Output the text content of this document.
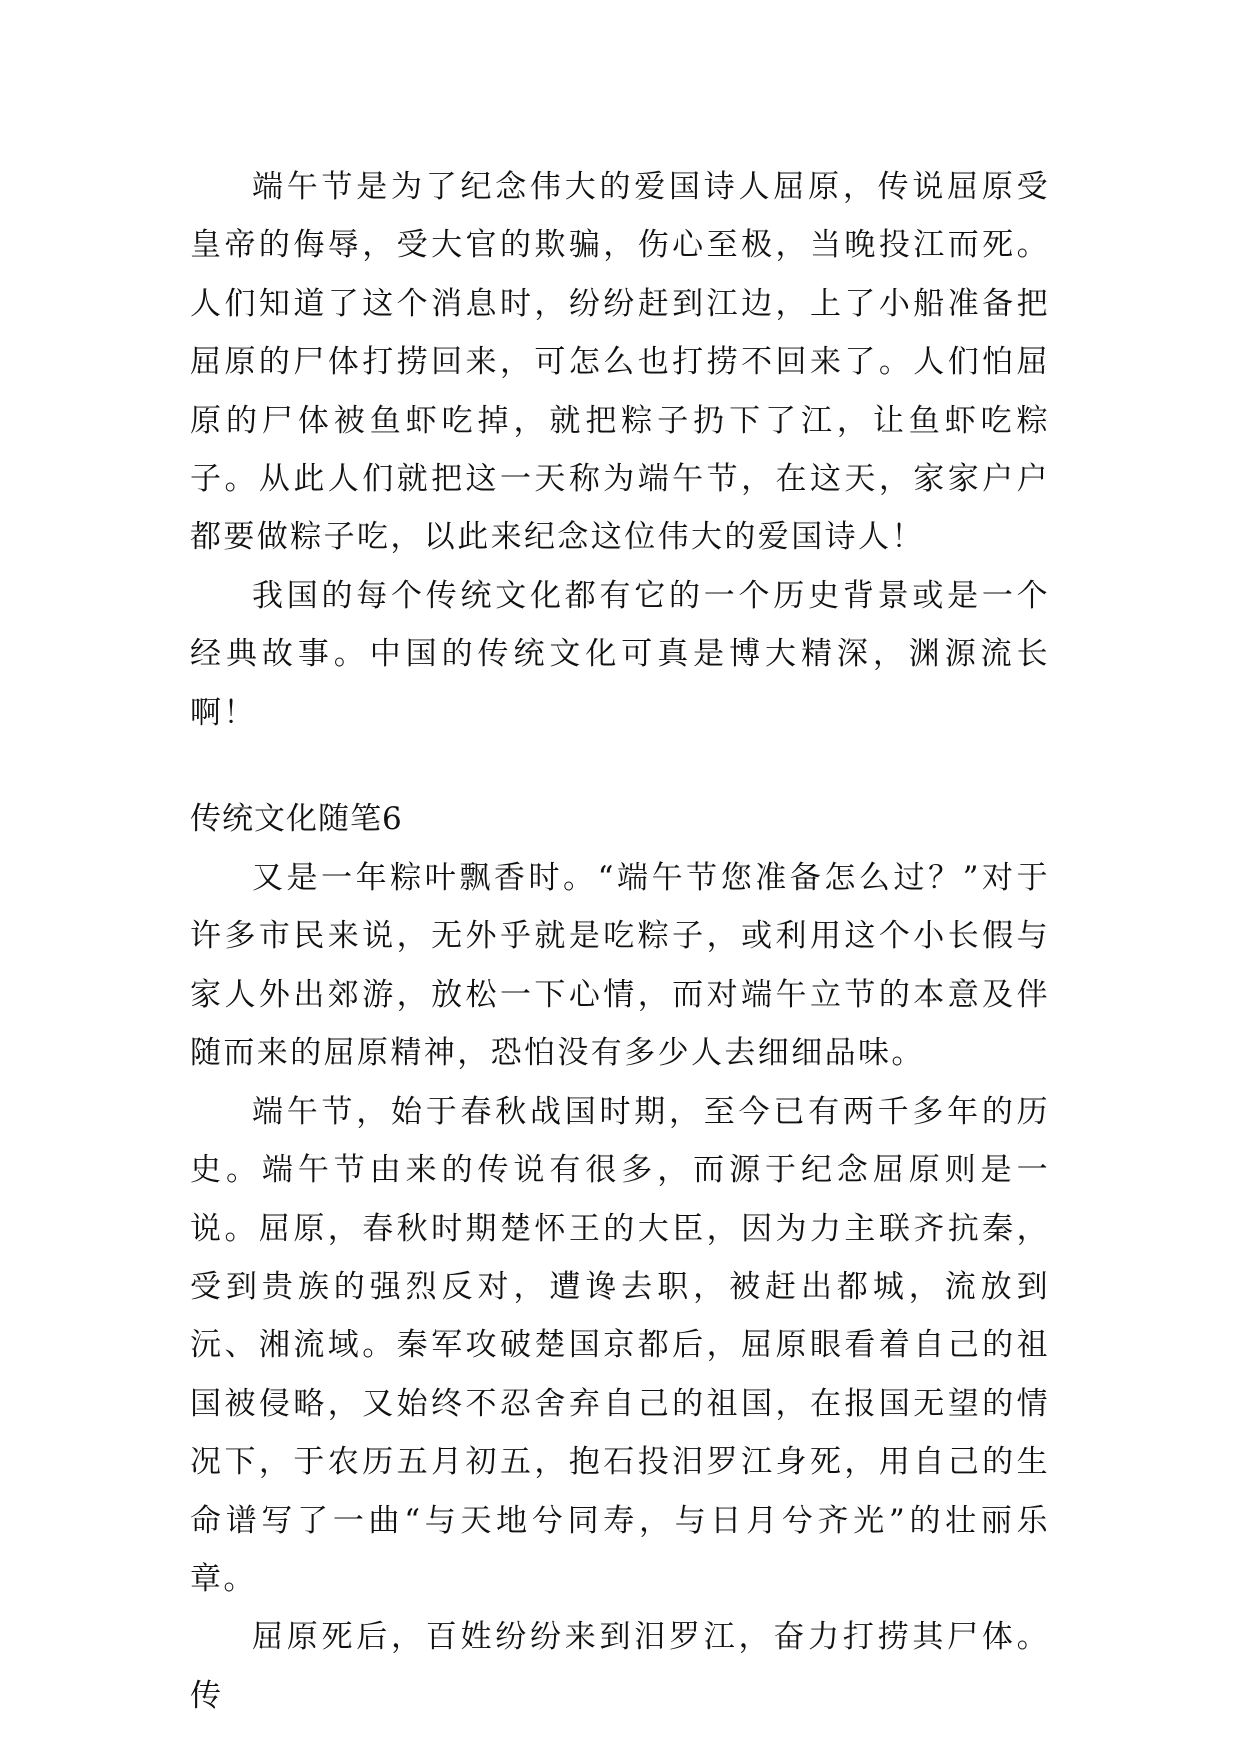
端午节是为了纪念伟大的爱国诗人屈原，传说屈原受皇帝的侮辱，受大官的欺骗，伤心至极，当晚投江而死。人们知道了这个消息时，纷纷赶到江边，上了小船准备把屈原的尸体打捞回来，可怎么也打捞不回来了。人们怕屈原的尸体被鱼虾吃掉，就把粽子扔下了江，让鱼虾吃粽子。从此人们就把这一天称为端午节，在这天，家家户户都要做粽子吃，以此来纪念这位伟大的爱国诗人！

我国的每个传统文化都有它的一个历史背景或是一个经典故事。中国的传统文化可真是博大精深，渊源流长啊！

传统文化随笔6

又是一年粽叶飘香时。“端午节您准备怎么过？”对于许多市民来说，无外乎就是吃粽子，或利用这个小长假与家人外出郊游，放松一下心情，而对端午立节的本意及伴随而来的屈原精神，恐怕没有多少人去细细品味。

端午节，始于春秋战国时期，至今已有两千多年的历史。端午节由来的传说有很多，而源于纪念屈原则是一说。屈原，春秋时期楚怀王的大臣，因为力主联齐抗秦，受到贵族的强烈反对，遭谗去职，被赶出都城，流放到沅、湘流域。秦军攻破楚国京都后，屈原眼看着自己的祖国被侵略，又始终不忍舍弃自己的祖国，在报国无望的情况下，于农历五月初五，抱石投汨罗江身死，用自己的生命谱写了一曲“与天地兮同寿，与日月兮齐光”的壮丽乐章。

屈原死后，百姓纷纷来到汨罗江，奋力打捞其尸体。传
